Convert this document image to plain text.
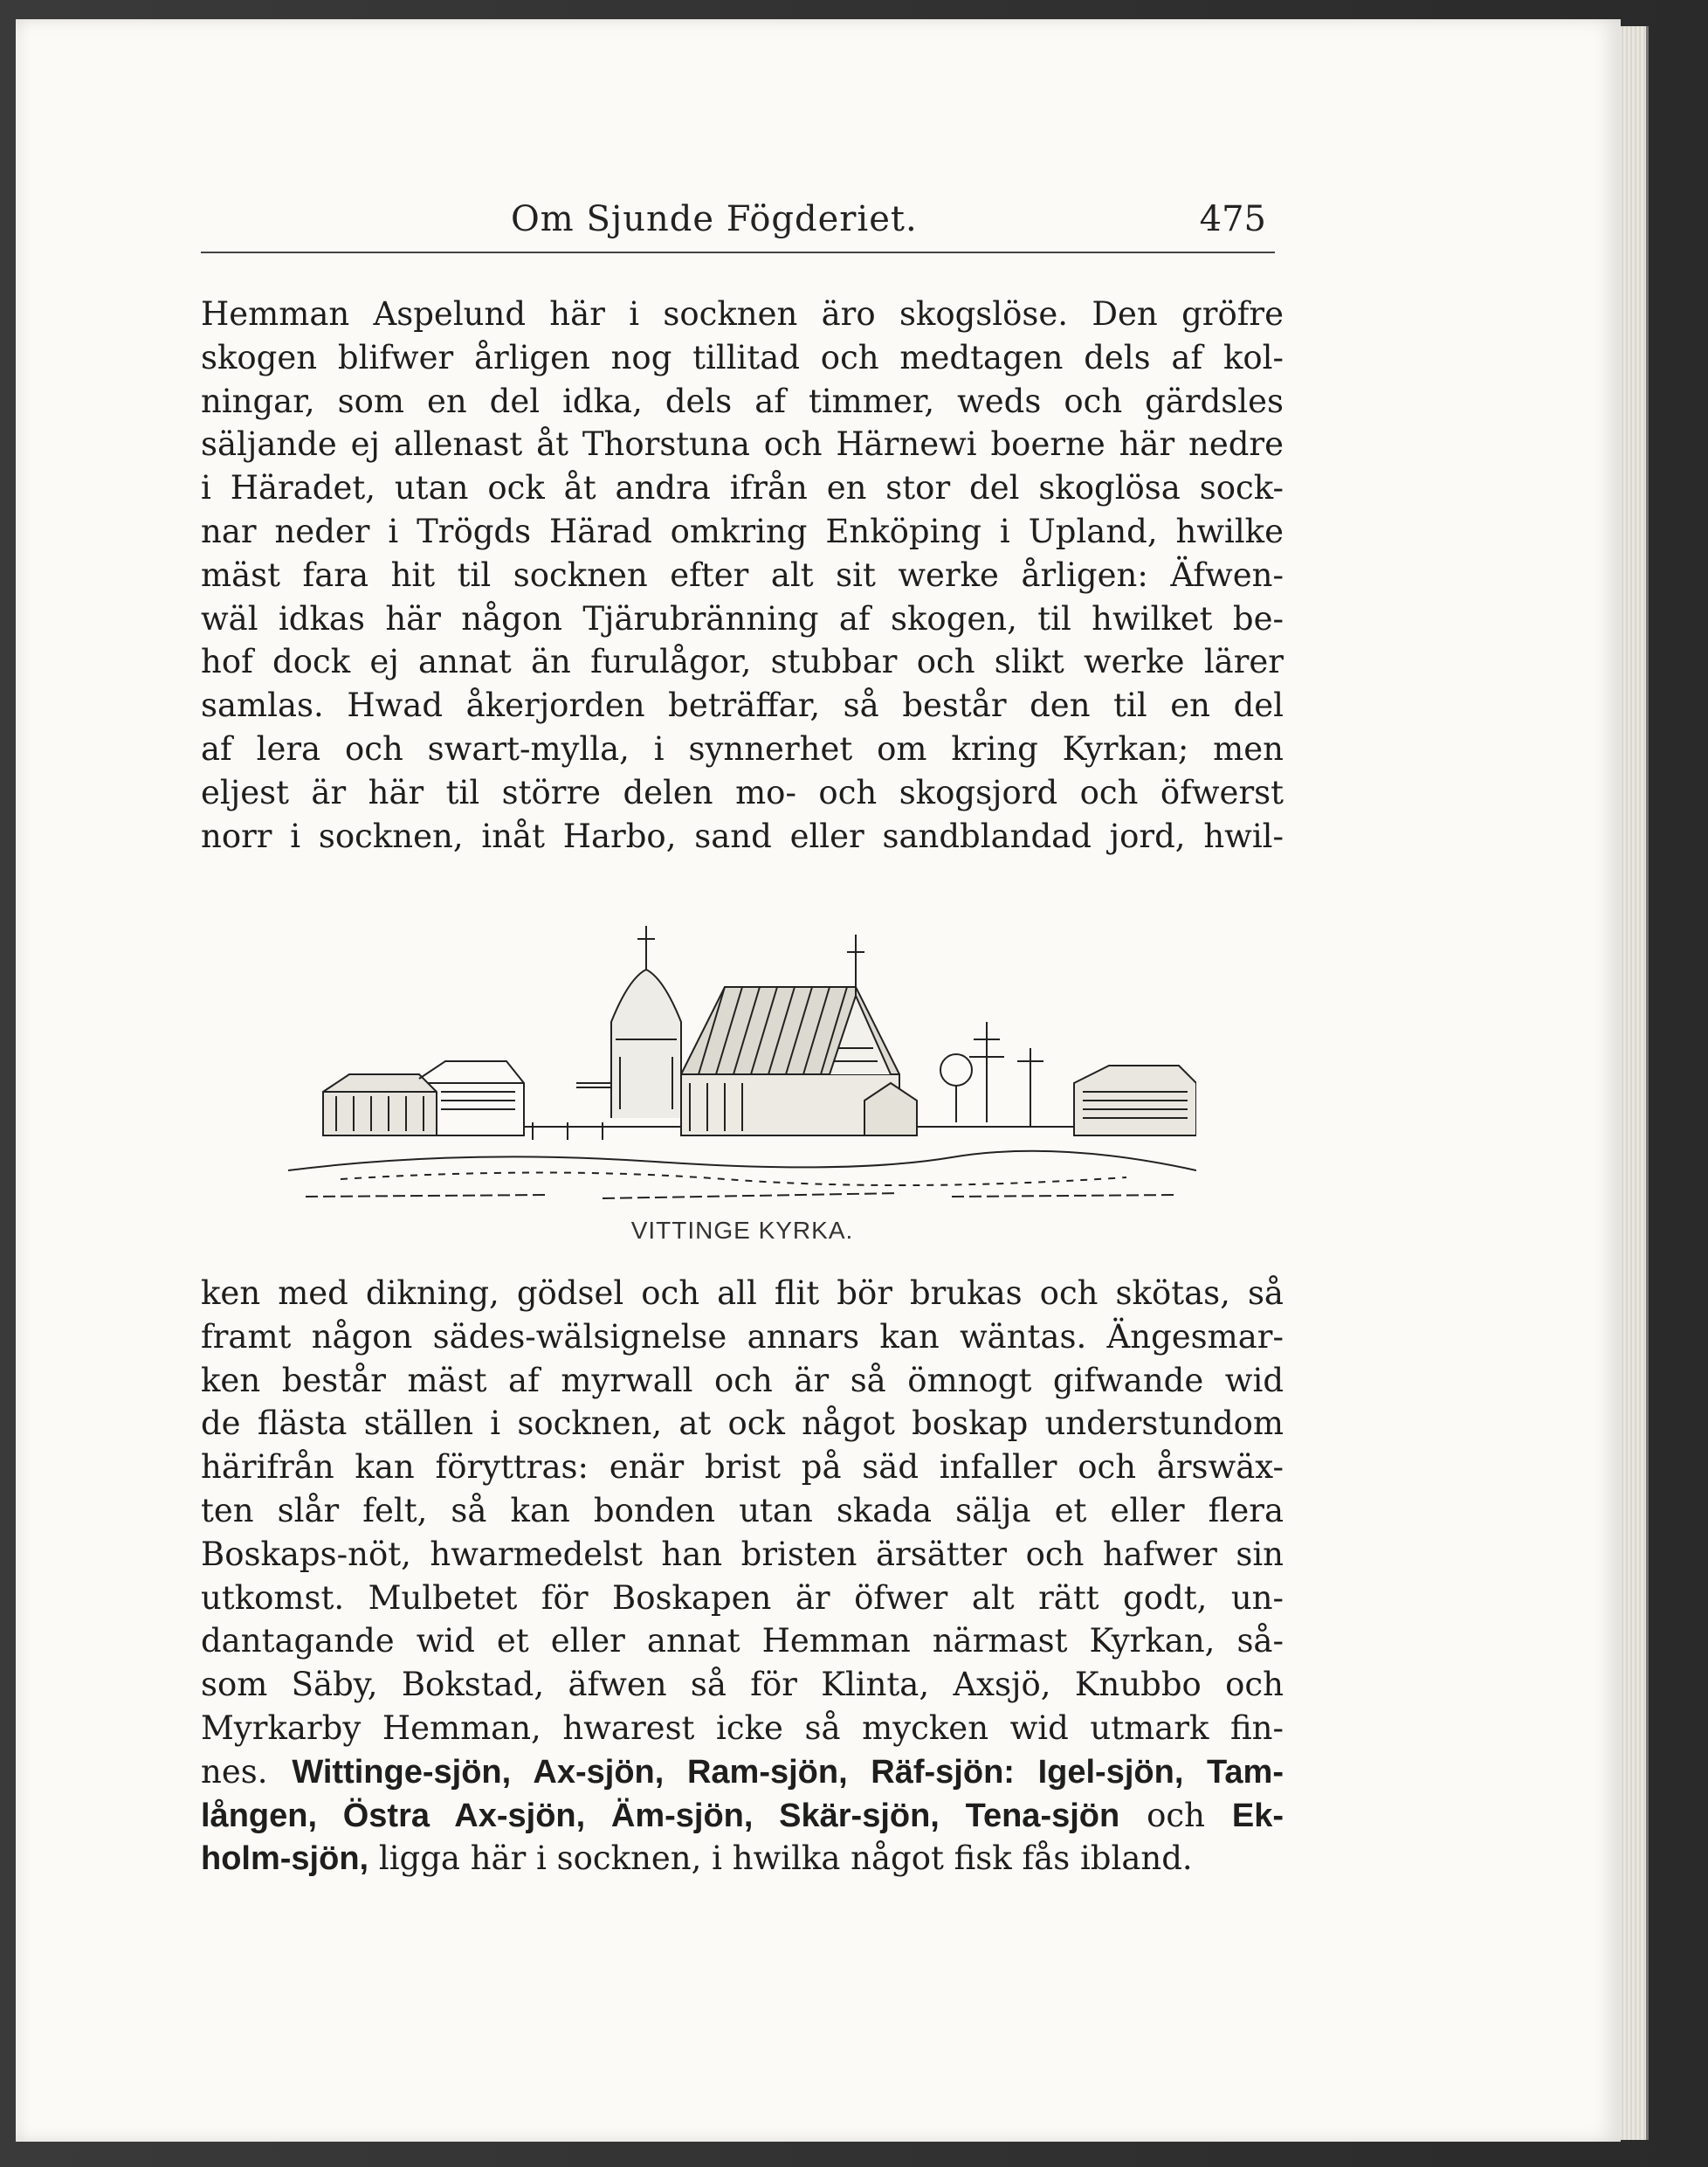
Om Sjunde Fögderiet.	475
Hemman Aspelund här i socknen äro skogslöse. Den gröfre
skogen blifwer årligen nog tillitad och medtagen dels af kol-
ningar, som en del idka, dels af timmer, weds och gärdsles
säljande ej allenast åt Thorstuna och Härnewi boerne här nedre
i Häradet, utan ock åt andra ifrån en stor del skoglösa sock-
nar neder i Trögds Härad omkring Enköping i Upland, hwilke
mäst fara hit til socknen efter alt sit werke årligen: Äfwen-
wäl idkas här någon Tjärubränning af skogen, til hwilket be-
hof dock ej annat än furulågor, stubbar och slikt werke lärer
samlas. Hwad åkerjorden beträffar, så består den til en del
af lera och swart-mylla, i synnerhet om kring Kyrkan; men
eljest är här til större delen mo- och skogsjord och öfwerst
norr i socknen, inåt Harbo, sand eller sandblandad jord, hwil-
VITTINGE KYRKA.
ken med dikning, gödsel och all flit bör brukas och skötas, så
framt någon sädes-wälsignelse annars kan wäntas. Ängesmar-
ken består mäst af myrwall och är så ömnogt gifwande wid
de flästa ställen i socknen, at ock något boskap understundom
härifrån kan föryttras: enär brist på säd infaller och årswäx-
ten slår felt, så kan bonden utan skada sälja et eller flera
Boskaps-nöt, hwarmedelst han bristen ärsätter och hafwer sin
utkomst. Mulbetet för Boskapen är öfwer alt rätt godt, un-
dantagande wid et eller annat Hemman närmast Kyrkan, så-
som Säby, Bokstad, äfwen så för Klinta, Axsjö, Knubbo och
Myrkarby Hemman, hwarest icke så mycken wid utmark fin-
nes. Wittinge-sjön, Ax-sjön, Ram-sjön, Räf-sjön: Igel-sjön, Tam-
lången, Östra Ax-sjön, Äm-sjön, Skär-sjön, Tena-sjön och Ek-
holm-sjön, ligga här i socknen, i hwilka något fisk fås ibland.
